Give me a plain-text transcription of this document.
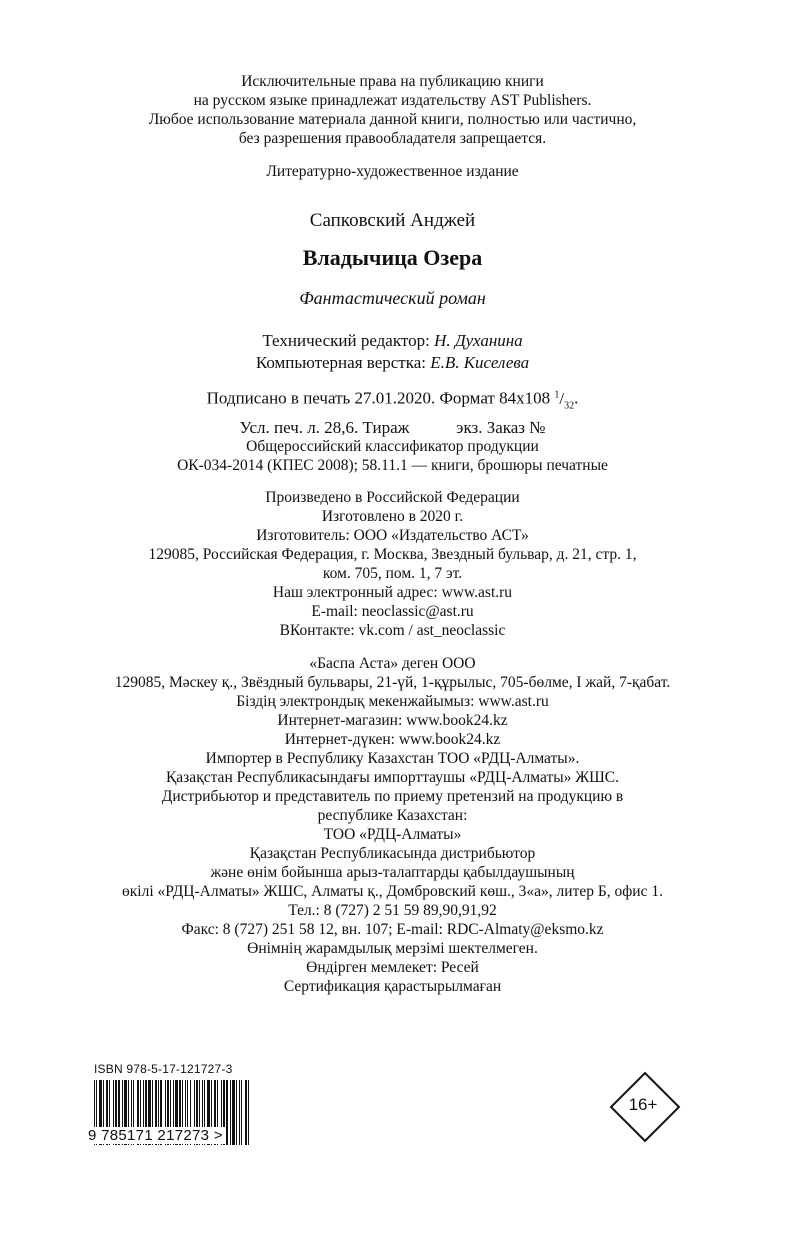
Исключительные права на публикацию книги
на русском языке принадлежат издательству AST Publishers.
Любое использование материала данной книги, полностью или частично,
без разрешения правообладателя запрещается.
Литературно-художественное издание
Сапковский Анджей
Владычица Озера
Фантастический роман
Технический редактор: Н. Духанина
Компьютерная верстка: Е.В. Киселева
Подписано в печать 27.01.2020. Формат 84х108 $^1/_{32}$.
Усл. печ. л. 28,6. Тираж           экз. Заказ №
Общероссийский классификатор продукции
ОК-034-2014 (КПЕС 2008); 58.11.1 — книги, брошюры печатные
Произведено в Российской Федерации
Изготовлено в 2020 г.
Изготовитель: ООО «Издательство АСТ»
129085, Российская Федерация, г. Москва, Звездный бульвар, д. 21, стр. 1,
ком. 705, пом. 1, 7 эт.
Наш электронный адрес: www.ast.ru
E-mail: neoclassic@ast.ru
ВКонтакте: vk.com / ast_neoclassic
«Баспа Аста» деген ООО
129085, Мәскеу қ., Звёздный бульвары, 21-үй, 1-құрылыс, 705-бөлме, I жай, 7-қабат.
Біздің электрондық мекенжайымыз: www.ast.ru
Интернет-магазин: www.book24.kz
Интернет-дүкен: www.book24.kz
Импортер в Республику Казахстан ТОО «РДЦ-Алматы».
Қазақстан Республикасындағы импорттаушы «РДЦ-Алматы» ЖШС.
Дистрибьютор и представитель по приему претензий на продукцию в
республике Казахстан:
ТОО «РДЦ-Алматы»
Қазақстан Республикасында дистрибьютор
және өнім бойынша арыз-талаптарды қабылдаушының
өкілі «РДЦ-Алматы» ЖШС, Алматы қ., Домбровский көш., 3«а», литер Б, офис 1.
Тел.: 8 (727) 2 51 59 89,90,91,92
Факс: 8 (727) 251 58 12, вн. 107; E-mail: RDC-Almaty@eksmo.kz
Өнімнің жарамдылық мерзімі шектелмеген.
Өндірген мемлекет: Ресей
Сертификация қарастырылмаған
ISBN 978-5-17-121727-3
9 785171 217273 >
16+
